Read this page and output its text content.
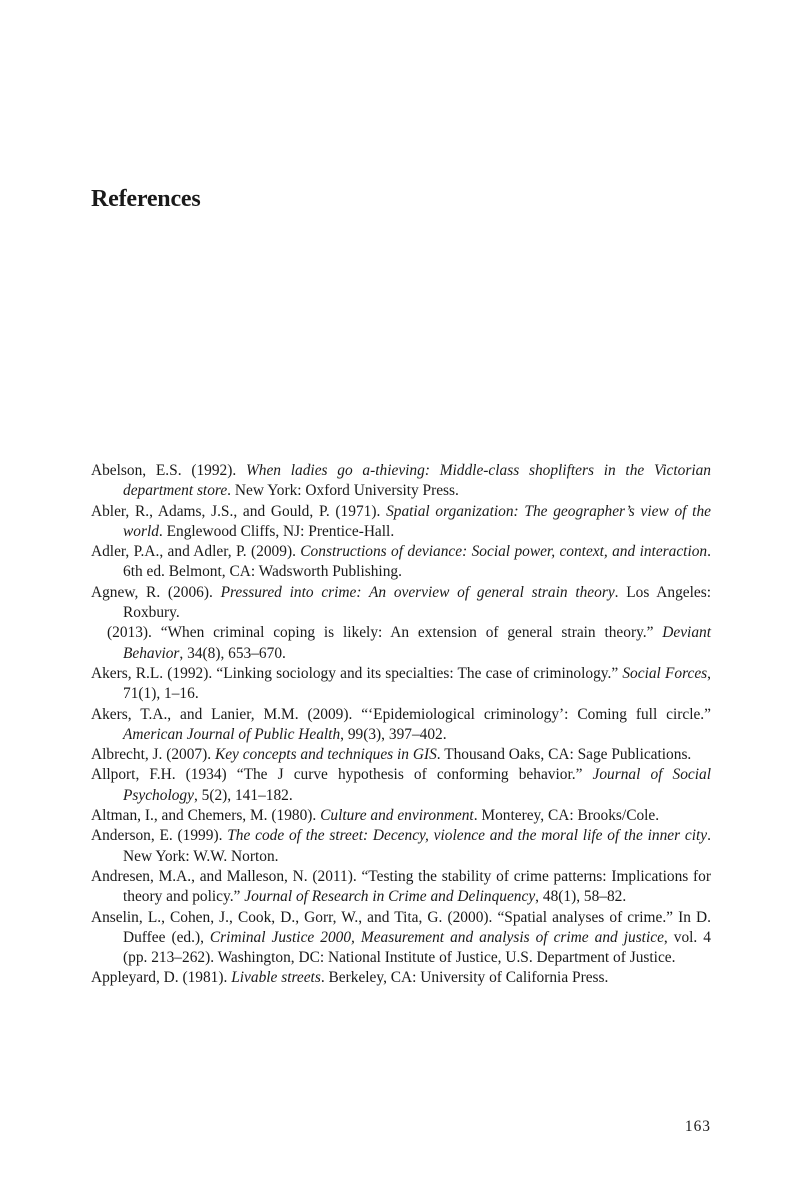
References
Abelson, E.S. (1992). When ladies go a-thieving: Middle-class shoplifters in the Victorian department store. New York: Oxford University Press.
Abler, R., Adams, J.S., and Gould, P. (1971). Spatial organization: The geographer’s view of the world. Englewood Cliffs, NJ: Prentice-Hall.
Adler, P.A., and Adler, P. (2009). Constructions of deviance: Social power, context, and interaction. 6th ed. Belmont, CA: Wadsworth Publishing.
Agnew, R. (2006). Pressured into crime: An overview of general strain theory. Los Angeles: Roxbury.
(2013). “When criminal coping is likely: An extension of general strain theory.” Deviant Behavior, 34(8), 653–670.
Akers, R.L. (1992). “Linking sociology and its specialties: The case of criminology.” Social Forces, 71(1), 1–16.
Akers, T.A., and Lanier, M.M. (2009). “‘Epidemiological criminology’: Coming full circle.” American Journal of Public Health, 99(3), 397–402.
Albrecht, J. (2007). Key concepts and techniques in GIS. Thousand Oaks, CA: Sage Publications.
Allport, F.H. (1934) “The J curve hypothesis of conforming behavior.” Journal of Social Psychology, 5(2), 141–182.
Altman, I., and Chemers, M. (1980). Culture and environment. Monterey, CA: Brooks/Cole.
Anderson, E. (1999). The code of the street: Decency, violence and the moral life of the inner city. New York: W.W. Norton.
Andresen, M.A., and Malleson, N. (2011). “Testing the stability of crime patterns: Implications for theory and policy.” Journal of Research in Crime and Delinquency, 48(1), 58–82.
Anselin, L., Cohen, J., Cook, D., Gorr, W., and Tita, G. (2000). “Spatial analyses of crime.” In D. Duffee (ed.), Criminal Justice 2000, Measurement and analysis of crime and justice, vol. 4 (pp. 213–262). Washington, DC: National Institute of Justice, U.S. Department of Justice.
Appleyard, D. (1981). Livable streets. Berkeley, CA: University of California Press.
163
